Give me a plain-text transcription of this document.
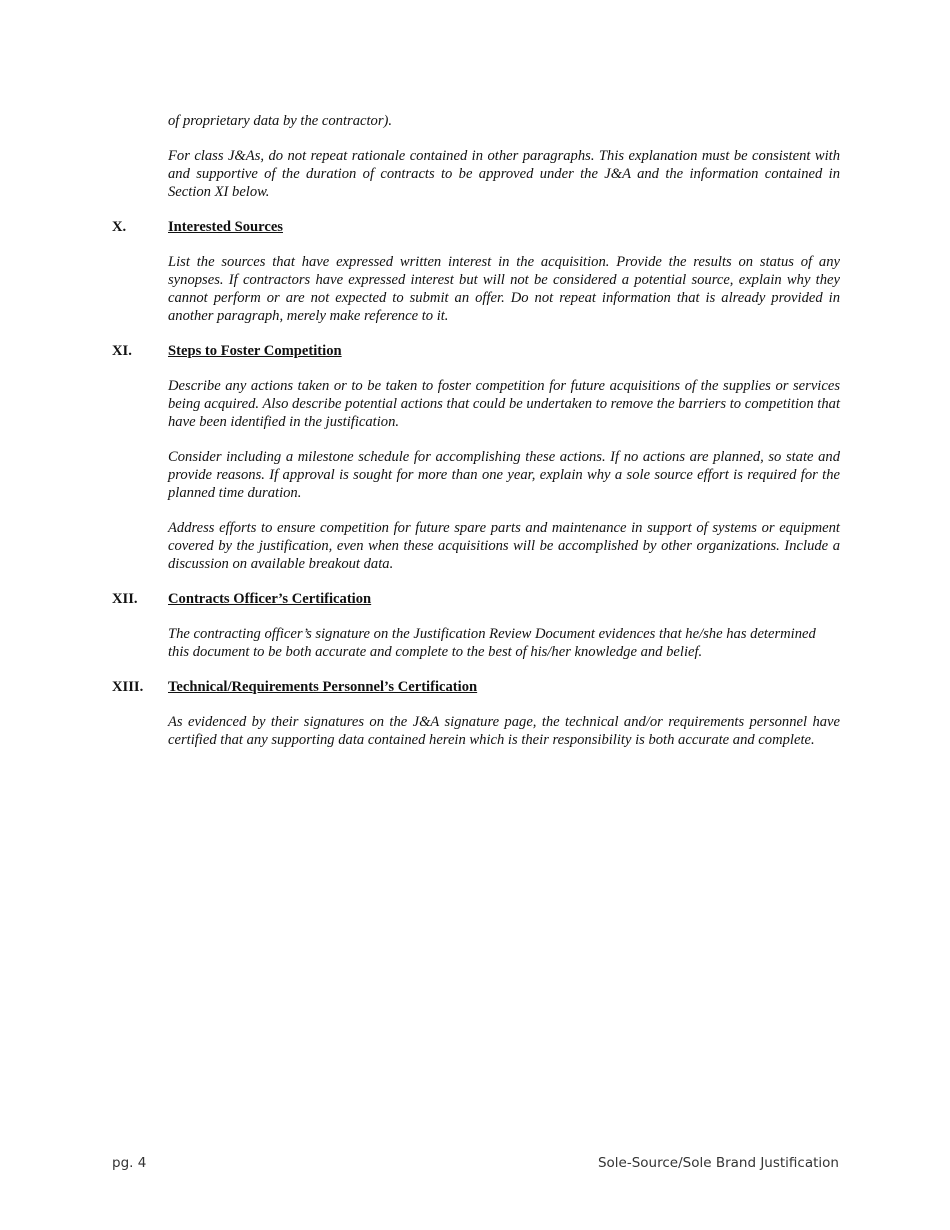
of proprietary data by the contractor).

For class J&As, do not repeat rationale contained in other paragraphs. This explanation must be consistent with and supportive of the duration of contracts to be approved under the J&A and the information contained in Section XI below.

X.	Interested Sources

List the sources that have expressed written interest in the acquisition. Provide the results on status of any synopses. If contractors have expressed interest but will not be considered a potential source, explain why they cannot perform or are not expected to submit an offer. Do not repeat information that is already provided in another paragraph, merely make reference to it.

XI.	Steps to Foster Competition

Describe any actions taken or to be taken to foster competition for future acquisitions of the supplies or services being acquired. Also describe potential actions that could be undertaken to remove the barriers to competition that have been identified in the justification.

Consider including a milestone schedule for accomplishing these actions. If no actions are planned, so state and provide reasons. If approval is sought for more than one year, explain why a sole source effort is required for the planned time duration.

Address efforts to ensure competition for future spare parts and maintenance in support of systems or equipment covered by the justification, even when these acquisitions will be accomplished by other organizations. Include a discussion on available breakout data.

XII.	Contracts Officer’s Certification

The contracting officer’s signature on the Justification Review Document evidences that he/she has determined this document to be both accurate and complete to the best of his/her knowledge and belief.

XIII.	Technical/Requirements Personnel’s Certification

As evidenced by their signatures on the J&A signature page, the technical and/or requirements personnel have certified that any supporting data contained herein which is their responsibility is both accurate and complete.

pg. 4	Sole-Source/Sole Brand Justification
